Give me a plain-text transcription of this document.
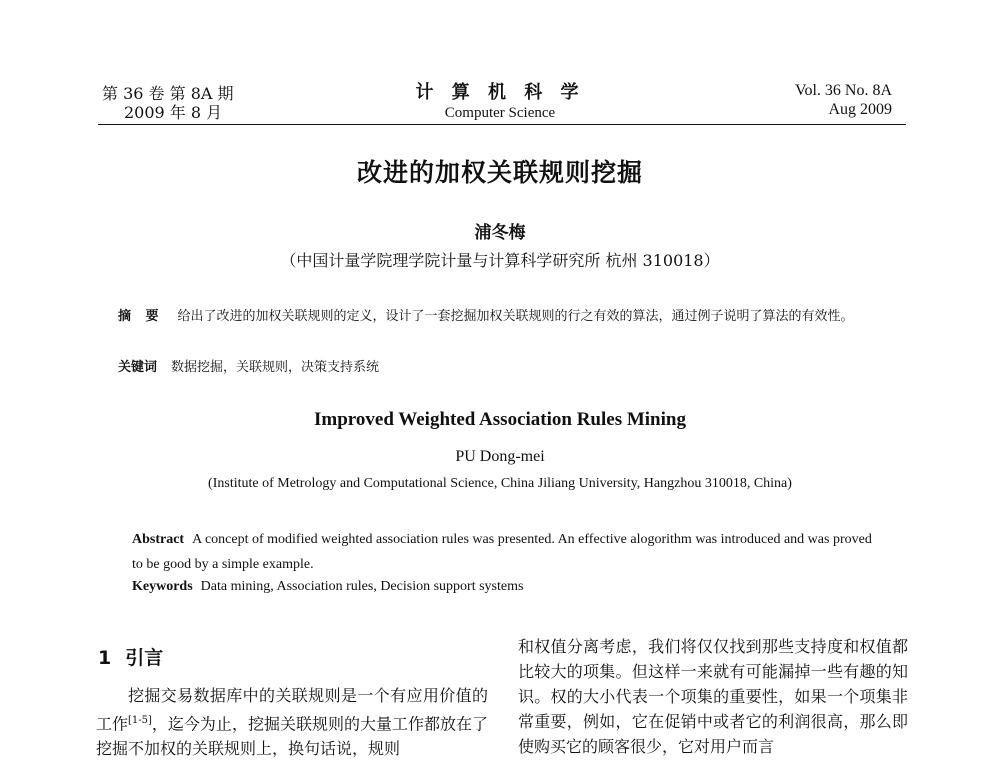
第 36 卷 第 8A 期
2009 年 8 月
计 算 机 科 学
Computer Science
Vol. 36 No. 8A
Aug 2009
改进的加权关联规则挖掘
浦冬梅
（中国计量学院理学院计量与计算科学研究所 杭州 310018）
摘 要 给出了改进的加权关联规则的定义，设计了一套挖掘加权关联规则的行之有效的算法，通过例子说明了算法的有效性。
关键词 数据挖掘，关联规则，决策支持系统
Improved Weighted Association Rules Mining
PU Dong-mei
(Institute of Metrology and Computational Science, China Jiliang University, Hangzhou 310018, China)
Abstract A concept of modified weighted association rules was presented. An effective alogorithm was introduced and was proved to be good by a simple example.
Keywords Data mining, Association rules, Decision support systems
1 引言

挖掘交易数据库中的关联规则是一个有应用价值的工作[1-5]，迄今为止，挖掘关联规则的大量工作都放在了挖掘不加权的关联规则上，换句话说，规则

和权值分离考虑，我们将仅仅找到那些支持度和权值都比较大的项集。但这样一来就有可能漏掉一些有趣的知识。权的大小代表一个项集的重要性，如果一个项集非常重要，例如，它在促销中或者它的利润很高，那么即使购买它的顾客很少，它对用户而言
